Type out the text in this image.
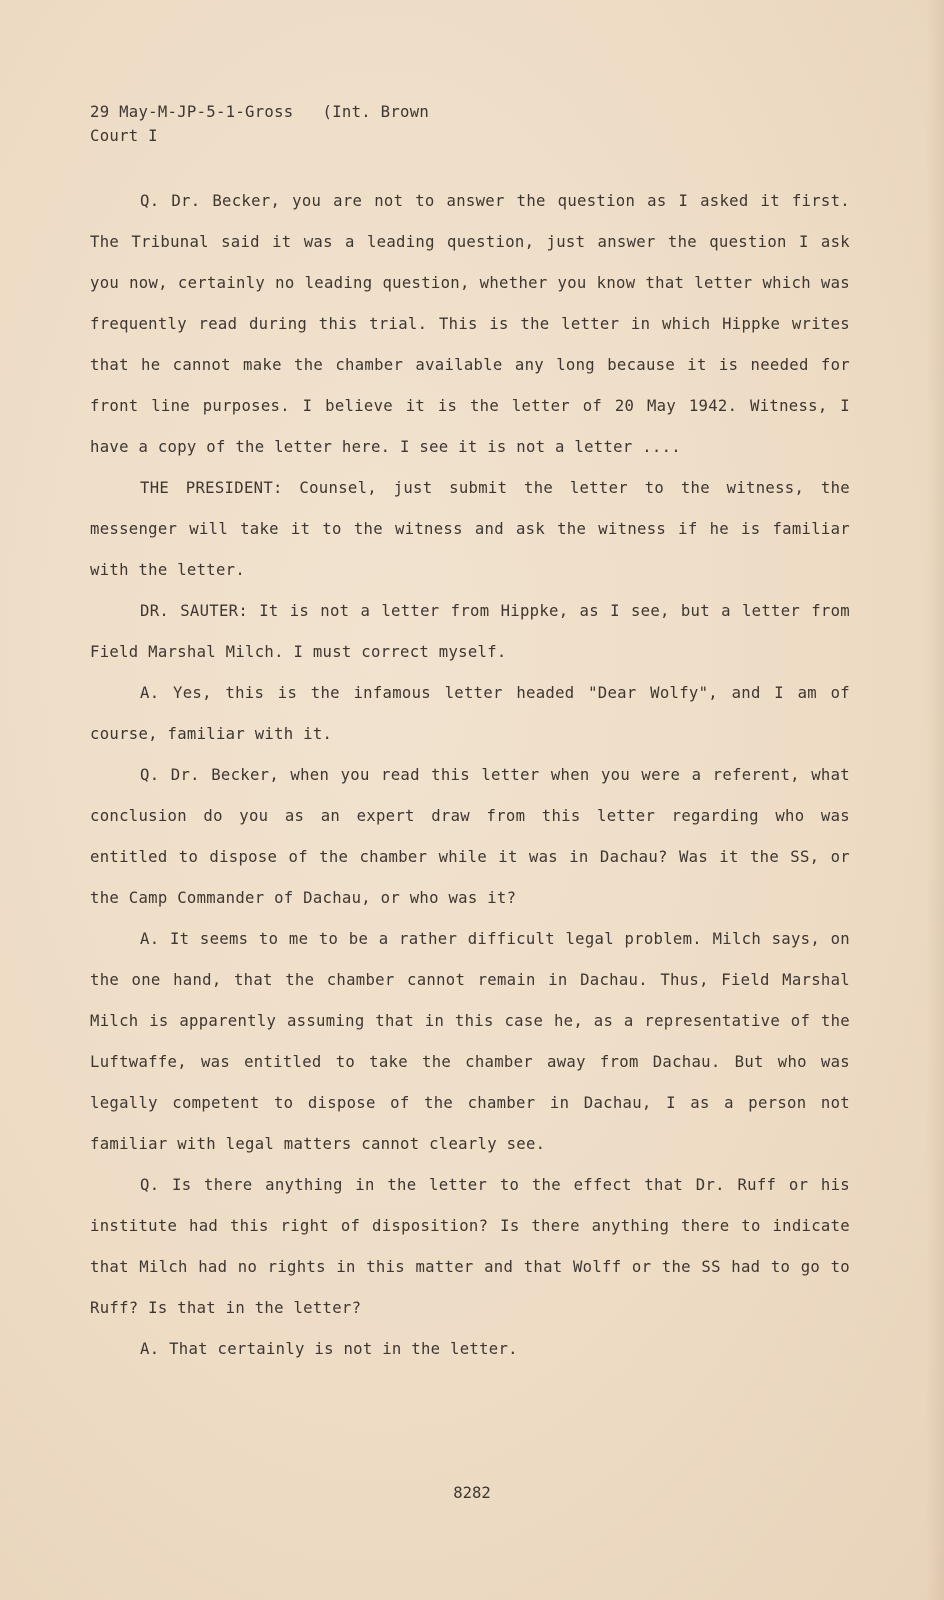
29 May-M-JP-5-1-Gross   (Int. Brown
Court I

Q. Dr. Becker, you are not to answer the question as I asked it first. The Tribunal said it was a leading question, just answer the question I ask you now, certainly no leading question, whether you know that letter which was frequently read during this trial. This is the letter in which Hippke writes that he cannot make the chamber available any long because it is needed for front line purposes. I believe it is the letter of 20 May 1942. Witness, I have a copy of the letter here. I see it is not a letter ....

THE PRESIDENT: Counsel, just submit the letter to the witness, the messenger will take it to the witness and ask the witness if he is familiar with the letter.

DR. SAUTER: It is not a letter from Hippke, as I see, but a letter from Field Marshal Milch. I must correct myself.

A. Yes, this is the infamous letter headed "Dear Wolfy", and I am of course, familiar with it.

Q. Dr. Becker, when you read this letter when you were a referent, what conclusion do you as an expert draw from this letter regarding who was entitled to dispose of the chamber while it was in Dachau? Was it the SS, or the Camp Commander of Dachau, or who was it?

A. It seems to me to be a rather difficult legal problem. Milch says, on the one hand, that the chamber cannot remain in Dachau. Thus, Field Marshal Milch is apparently assuming that in this case he, as a representative of the Luftwaffe, was entitled to take the chamber away from Dachau. But who was legally competent to dispose of the chamber in Dachau, I as a person not familiar with legal matters cannot clearly see.

Q. Is there anything in the letter to the effect that Dr. Ruff or his institute had this right of disposition? Is there anything there to indicate that Milch had no rights in this matter and that Wolff or the SS had to go to Ruff? Is that in the letter?

A. That certainly is not in the letter.

8282
